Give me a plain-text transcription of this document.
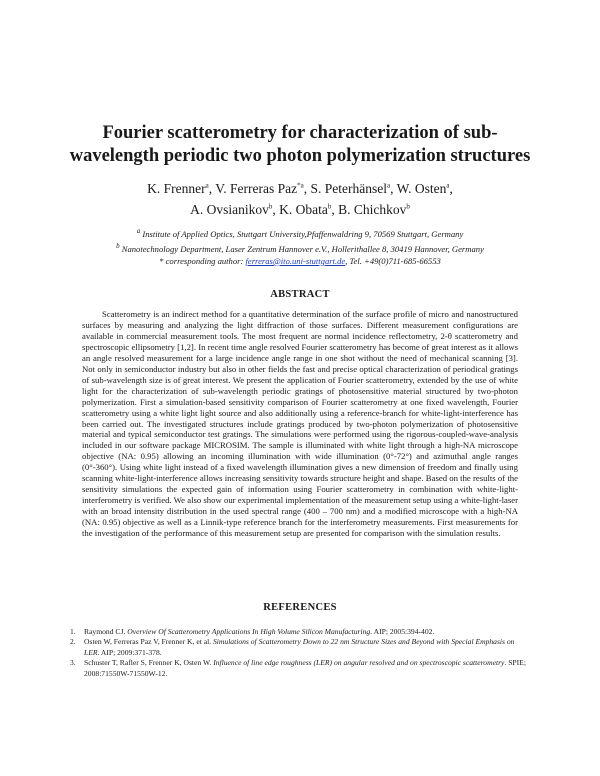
Fourier scatterometry for characterization of sub-wavelength periodic two photon polymerization structures
K. Frenner$^a$, V. Ferreras Paz$^{*a}$, S. Peterhänsel$^a$, W. Osten$^a$,
A. Ovsianikov$^b$, K. Obata$^b$, B. Chichkov$^b$
$^a$ Institute of Applied Optics, Stuttgart University,Pfaffenwaldring 9, 70569 Stuttgart, Germany
$^b$ Nanotechnology Department, Laser Zentrum Hannover e.V., Hollerithallee 8, 30419 Hannover, Germany
* corresponding author: ferreras@ito.uni-stuttgart.de, Tel. +49(0)711-685-66553
ABSTRACT
Scatterometry is an indirect method for a quantitative determination of the surface profile of micro and nanostructured surfaces by measuring and analyzing the light diffraction of those surfaces. Different measurement configurations are available in commercial measurement tools. The most frequent are normal incidence reflectometry, 2-θ scatterometry and spectroscopic ellipsometry [1,2]. In recent time angle resolved Fourier scatterometry has become of great interest as it allows an angle resolved measurement for a large incidence angle range in one shot without the need of mechanical scanning [3]. Not only in semiconductor industry but also in other fields the fast and precise optical characterization of periodical gratings of sub-wavelength size is of great interest. We present the application of Fourier scatterometry, extended by the use of white light for the characterization of sub-wavelength periodic gratings of photosensitive material structured by two-photon polymerization. First a simulation-based sensitivity comparison of Fourier scatterometry at one fixed wavelength, Fourier scatterometry using a white light light source and also additionally using a reference-branch for white-light-interference has been carried out. The investigated structures include gratings produced by two-photon polymerization of photosensitive material and typical semiconductor test gratings. The simulations were performed using the rigorous-coupled-wave-analysis included in our software package MICROSIM. The sample is illuminated with white light through a high-NA microscope objective (NA: 0.95) allowing an incoming illumination with wide illumination (0°-72°) and azimuthal angle ranges (0°-360°). Using white light instead of a fixed wavelength illumination gives a new dimension of freedom and finally using scanning white-light-interference allows increasing sensitivity towards structure height and shape. Based on the results of the sensitivity simulations the expected gain of information using Fourier scatterometry in combination with white-light-interferometry is verified. We also show our experimental implementation of the measurement setup using a white-light-laser with an broad intensity distribution in the used spectral range (400 – 700 nm) and a modified microscope with a high-NA (NA: 0.95) objective as well as a Linnik-type reference branch for the interferometry measurements. First measurements for the investigation of the performance of this measurement setup are presented for comparison with the simulation results.
REFERENCES
1. Raymond CJ. Overview Of Scatterometry Applications In High Volume Silicon Manufacturing. AIP; 2005:394-402.
2. Osten W, Ferreras Paz V, Frenner K, et al. Simulations of Scatterometry Down to 22 nm Structure Sizes and Beyond with Special Emphasis on LER. AIP; 2009:371-378.
3. Schuster T, Rafler S, Frenner K, Osten W. Influence of line edge roughness (LER) on angular resolved and on spectroscopic scatterometry. SPIE; 2008:71550W-71550W-12.
